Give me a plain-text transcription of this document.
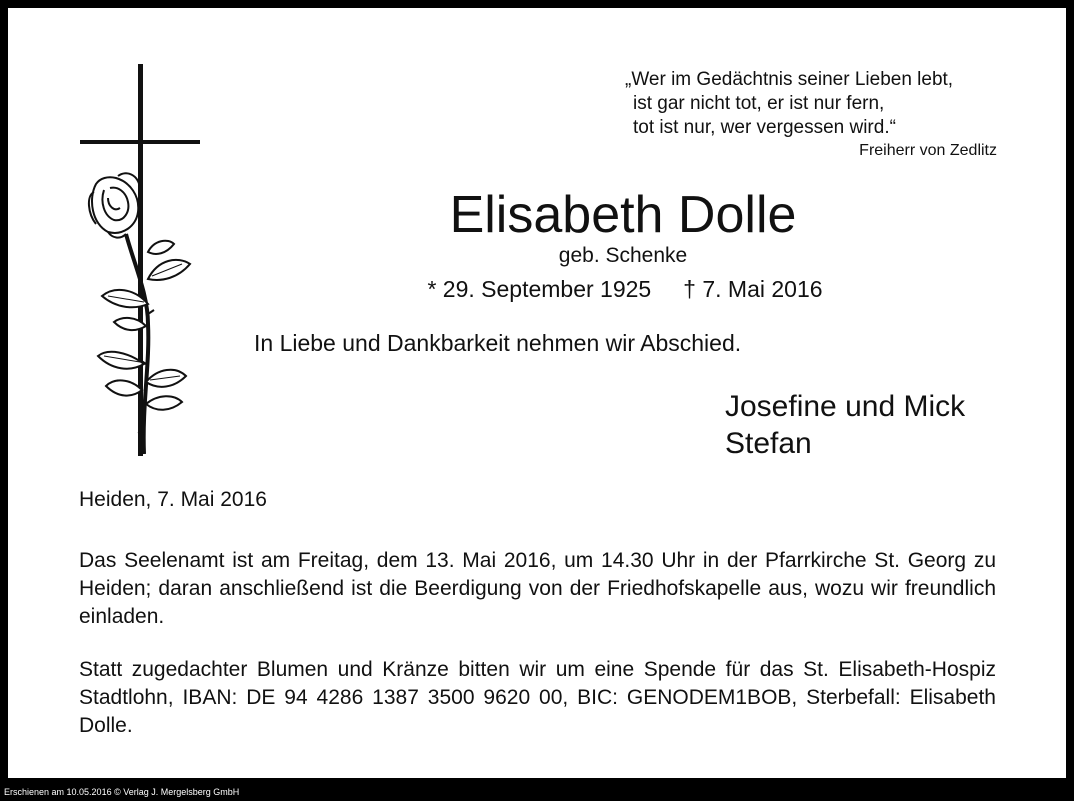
„Wer im Gedächtnis seiner Lieben lebt,
ist gar nicht tot, er ist nur fern,
tot ist nur, wer vergessen wird.“
Freiherr von Zedlitz
Elisabeth Dolle
geb. Schenke
* 29. September 1925     † 7. Mai 2016
In Liebe und Dankbarkeit nehmen wir Abschied.
Josefine und Mick
Stefan
Heiden, 7. Mai 2016
Das Seelenamt ist am Freitag, dem 13. Mai 2016, um 14.30 Uhr in der Pfarrkirche St. Georg zu Heiden; daran anschließend ist die Beerdigung von der Friedhofskapelle aus, wozu wir freundlich einladen.
Statt zugedachter Blumen und Kränze bitten wir um eine Spende für das St. Elisabeth-Hospiz Stadtlohn, IBAN: DE 94 4286 1387 3500 9620 00, BIC: GENODEM1BOB, Sterbefall: Elisabeth Dolle.
Erschienen am 10.05.2016 © Verlag J. Mergelsberg GmbH
